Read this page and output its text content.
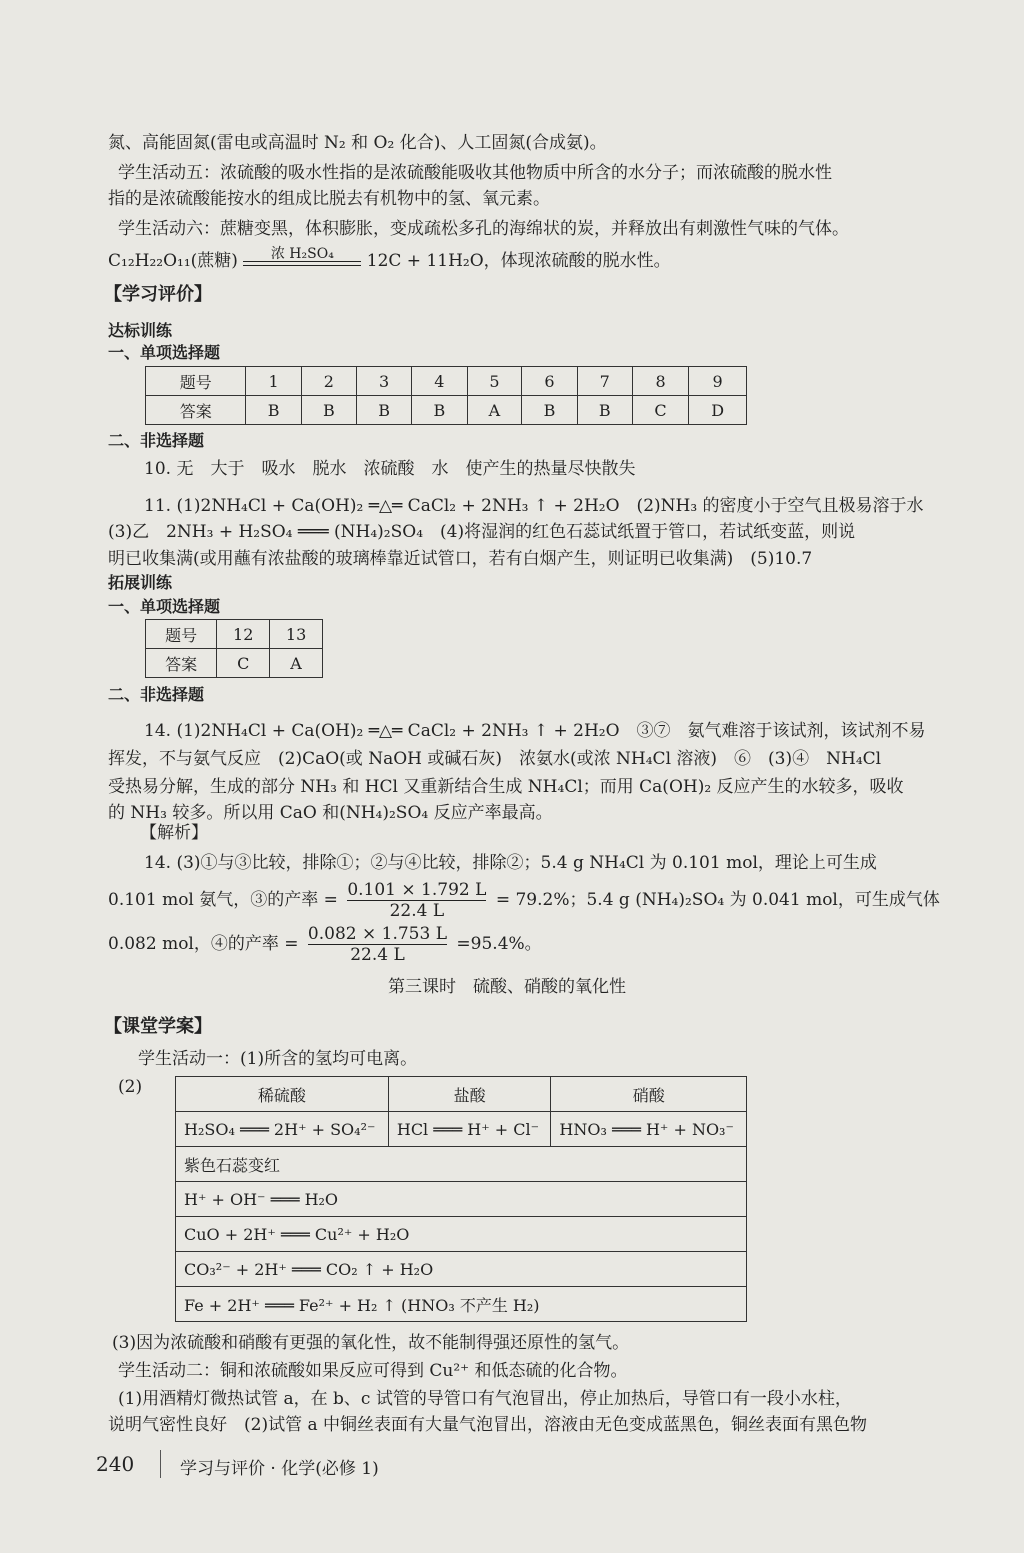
氮、高能固氮(雷电或高温时 N₂ 和 O₂ 化合)、人工固氮(合成氨)。
学生活动五：浓硫酸的吸水性指的是浓硫酸能吸收其他物质中所含的水分子；而浓硫酸的脱水性
指的是浓硫酸能按水的组成比脱去有机物中的氢、氧元素。
学生活动六：蔗糖变黑，体积膨胀，变成疏松多孔的海绵状的炭，并释放出有刺激性气味的气体。
C₁₂H₂₂O₁₁(蔗糖)	浓 H₂SO₄	12C + 11H₂O，体现浓硫酸的脱水性。
【学习评价】
达标训练
一、单项选择题
题号	1	2	3	4	5	6	7	8	9
答案	B	B	B	B	A	B	B	C	D
二、非选择题
10. 无　大于　吸水　脱水　浓硫酸　水　使产生的热量尽快散失
11. (1)2NH₄Cl + Ca(OH)₂ ═△═ CaCl₂ + 2NH₃ ↑ + 2H₂O　(2)NH₃ 的密度小于空气且极易溶于水
(3)乙　2NH₃ + H₂SO₄ ═══ (NH₄)₂SO₄　(4)将湿润的红色石蕊试纸置于管口，若试纸变蓝，则说
明已收集满(或用蘸有浓盐酸的玻璃棒靠近试管口，若有白烟产生，则证明已收集满)　(5)10.7
拓展训练
一、单项选择题
题号	12	13
答案	C	A
二、非选择题
14. (1)2NH₄Cl + Ca(OH)₂ ═△═ CaCl₂ + 2NH₃ ↑ + 2H₂O　③⑦　氨气难溶于该试剂，该试剂不易
挥发，不与氨气反应　(2)CaO(或 NaOH 或碱石灰)　浓氨水(或浓 NH₄Cl 溶液)　⑥　(3)④　NH₄Cl
受热易分解，生成的部分 NH₃ 和 HCl 又重新结合生成 NH₄Cl；而用 Ca(OH)₂ 反应产生的水较多，吸收
的 NH₃ 较多。所以用 CaO 和(NH₄)₂SO₄ 反应产率最高。
【解析】
14. (3)①与③比较，排除①；②与④比较，排除②；5.4 g NH₄Cl 为 0.101 mol，理论上可生成
0.101 mol 氨气，③的产率 = $\frac{0.101 \times 1.792 L}{22.4 L} = 79.2\%$；5.4 g (NH₄)₂SO₄ 为 0.041 mol，可生成气体
0.082 mol，④的产率 = $\frac{0.082 \times 1.753 L}{22.4 L} =95.4\%$。
第三课时　硫酸、硝酸的氧化性
【课堂学案】
学生活动一：(1)所含的氢均可电离。
(2)	稀硫酸	盐酸	硝酸
H₂SO₄ ═══ 2H⁺ + SO₄²⁻	HCl ═══ H⁺ + Cl⁻	HNO₃ ═══ H⁺ + NO₃⁻
紫色石蕊变红		
H⁺ + OH⁻ ═══ H₂O		
CuO + 2H⁺ ═══ Cu²⁺ + H₂O		
CO₃²⁻ + 2H⁺ ═══ CO₂ ↑ + H₂O		
Fe + 2H⁺ ═══ Fe²⁺ + H₂ ↑ (HNO₃ 不产生 H₂)		
(3)因为浓硫酸和硝酸有更强的氧化性，故不能制得强还原性的氢气。
学生活动二：铜和浓硫酸如果反应可得到 Cu²⁺ 和低态硫的化合物。
(1)用酒精灯微热试管 a，在 b、c 试管的导管口有气泡冒出，停止加热后，导管口有一段小水柱，
说明气密性良好　(2)试管 a 中铜丝表面有大量气泡冒出，溶液由无色变成蓝黑色，铜丝表面有黑色物
240	学习与评价 · 化学(必修 1)
